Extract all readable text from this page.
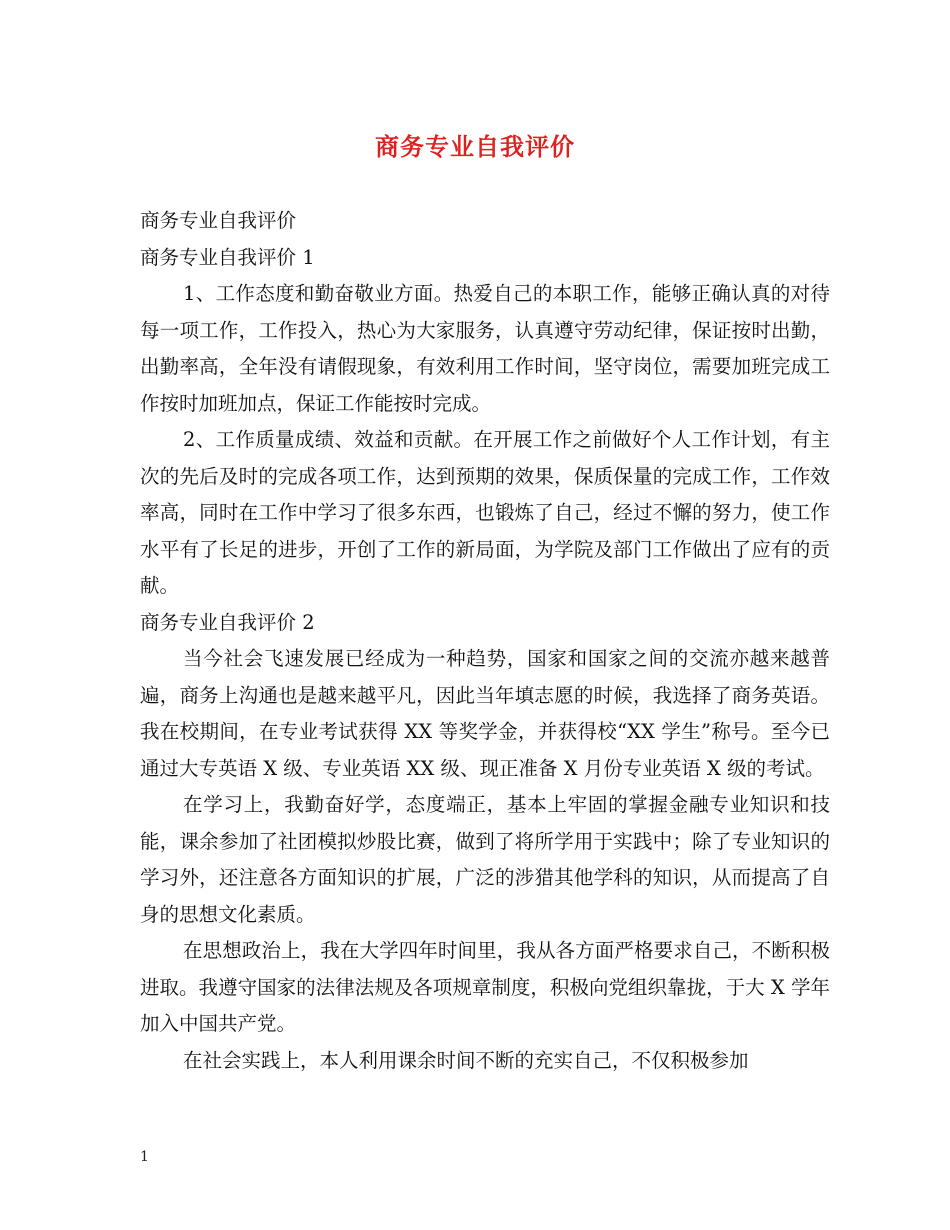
商务专业自我评价

商务专业自我评价

商务专业自我评价 1

1、工作态度和勤奋敬业方面。热爱自己的本职工作，能够正确认真的对待每一项工作，工作投入，热心为大家服务，认真遵守劳动纪律，保证按时出勤，出勤率高，全年没有请假现象，有效利用工作时间，坚守岗位，需要加班完成工作按时加班加点，保证工作能按时完成。

2、工作质量成绩、效益和贡献。在开展工作之前做好个人工作计划，有主次的先后及时的完成各项工作，达到预期的效果，保质保量的完成工作，工作效率高，同时在工作中学习了很多东西，也锻炼了自己，经过不懈的努力，使工作水平有了长足的进步，开创了工作的新局面，为学院及部门工作做出了应有的贡献。

商务专业自我评价 2

当今社会飞速发展已经成为一种趋势，国家和国家之间的交流亦越来越普遍，商务上沟通也是越来越平凡，因此当年填志愿的时候，我选择了商务英语。我在校期间，在专业考试获得 XX 等奖学金，并获得校“XX 学生”称号。至今已通过大专英语 X 级、专业英语 XX 级、现正准备 X 月份专业英语 X 级的考试。

在学习上，我勤奋好学，态度端正，基本上牢固的掌握金融专业知识和技能，课余参加了社团模拟炒股比赛，做到了将所学用于实践中；除了专业知识的学习外，还注意各方面知识的扩展，广泛的涉猎其他学科的知识，从而提高了自身的思想文化素质。

在思想政治上，我在大学四年时间里，我从各方面严格要求自己，不断积极进取。我遵守国家的法律法规及各项规章制度，积极向党组织靠拢，于大 X 学年加入中国共产党。

在社会实践上，本人利用课余时间不断的充实自己，不仅积极参加

1
